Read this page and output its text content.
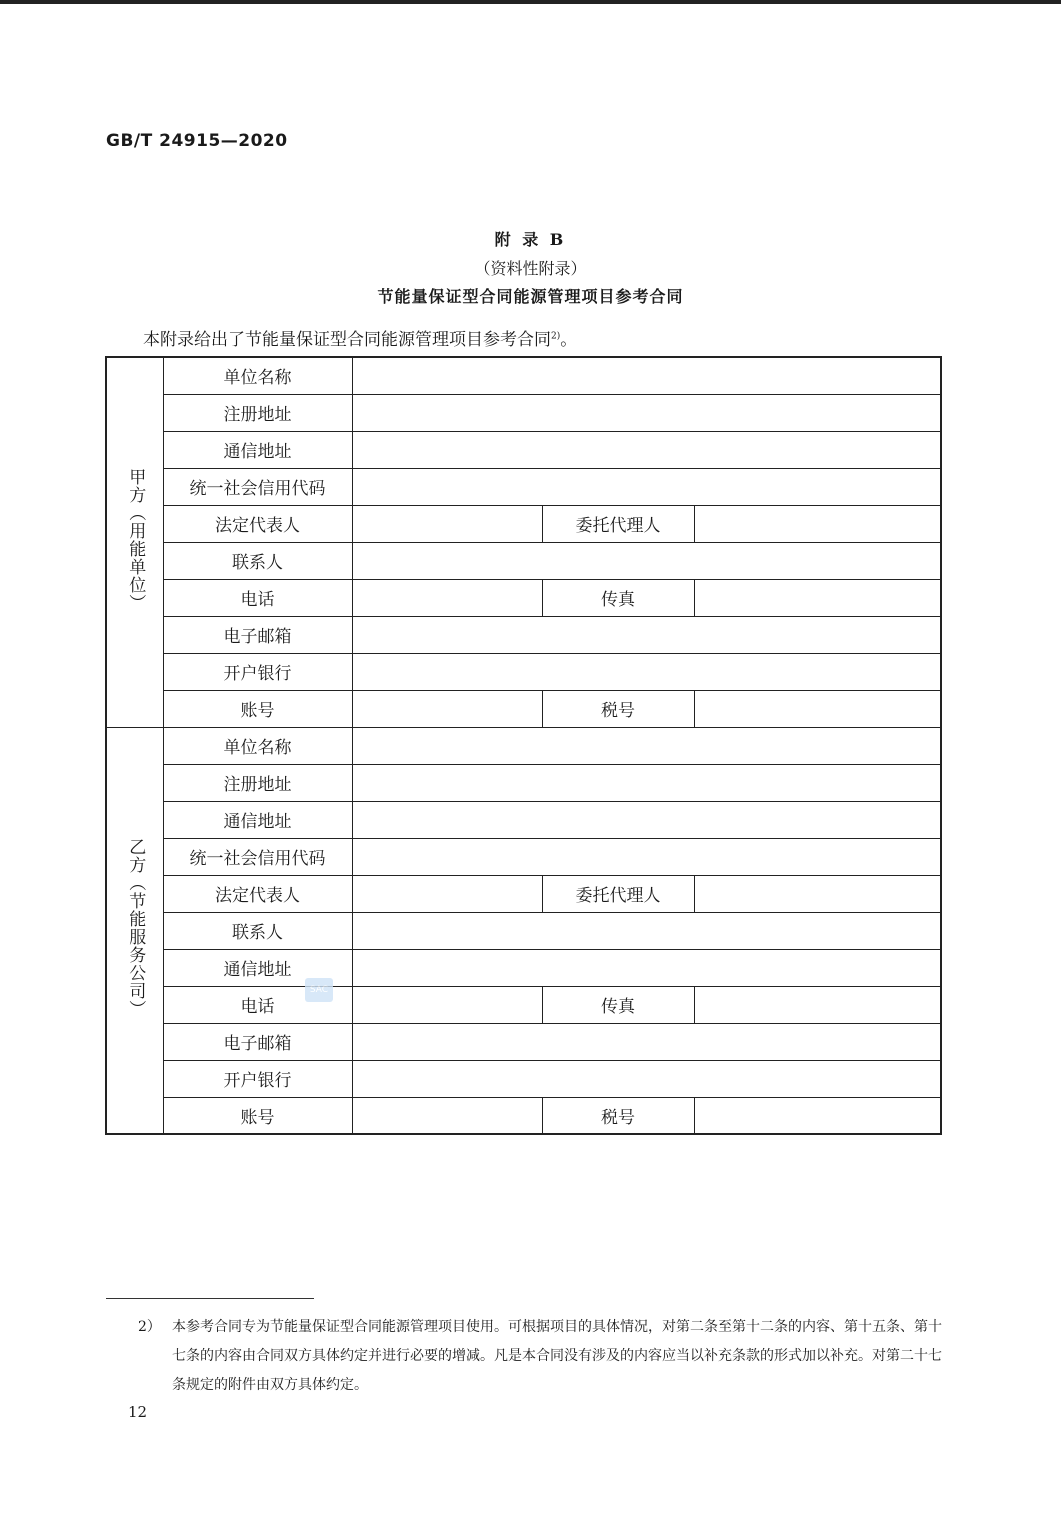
GB/T 24915—2020
附 录 B
（资料性附录）
节能量保证型合同能源管理项目参考合同
本附录给出了节能量保证型合同能源管理项目参考合同$^{2)}$。
甲方（用能单位）	单位名称			
	注册地址			
	通信地址			
	统一社会信用代码			
	法定代表人		委托代理人	
	联系人			
	电话		传真	
	电子邮箱			
	开户银行			
	账号		税号	
乙方（节能服务公司）	单位名称			
	注册地址			
	通信地址			
	统一社会信用代码			
	法定代表人		委托代理人	
	联系人			
	通信地址			
	电话		传真	
	电子邮箱			
	开户银行			
	账号		税号	
SAC
2） 本参考合同专为节能量保证型合同能源管理项目使用。可根据项目的具体情况，对第二条至第十二条的内容、第十五条、第十七条的内容由合同双方具体约定并进行必要的增减。凡是本合同没有涉及的内容应当以补充条款的形式加以补充。对第二十七条规定的附件由双方具体约定。
12
